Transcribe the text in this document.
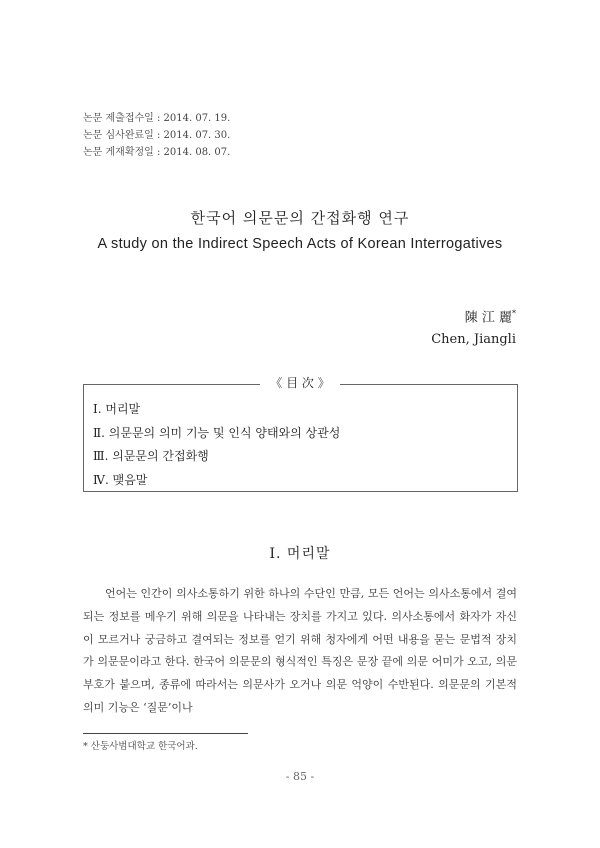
논문 제출접수일 : 2014. 07. 19.
논문 심사완료일 : 2014. 07. 30.
논문 게재확정일 : 2014. 08. 07.
한국어 의문문의 간접화행 연구
A study on the Indirect Speech Acts of Korean Interrogatives
陳 江 麗*
Chen, Jiangli
《 目 次 》
Ⅰ. 머리말
Ⅱ. 의문문의 의미 기능 및 인식 양태와의 상관성
Ⅲ. 의문문의 간접화행
Ⅳ. 맺음말
Ⅰ. 머리말

언어는 인간이 의사소통하기 위한 하나의 수단인 만큼, 모든 언어는 의사소통에서 결여되는 정보를 메우기 위해 의문을 나타내는 장치를 가지고 있다. 의사소통에서 화자가 자신이 모르거나 궁금하고 결여되는 정보를 얻기 위해 청자에게 어떤 내용을 묻는 문법적 장치가 의문문이라고 한다. 한국어 의문문의 형식적인 특징은 문장 끝에 의문 어미가 오고, 의문 부호가 붙으며, 종류에 따라서는 의문사가 오거나 의문 억양이 수반된다. 의문문의 기본적 의미 기능은 ‘질문’이나

* 산둥사범대학교 한국어과.
- 85 -
